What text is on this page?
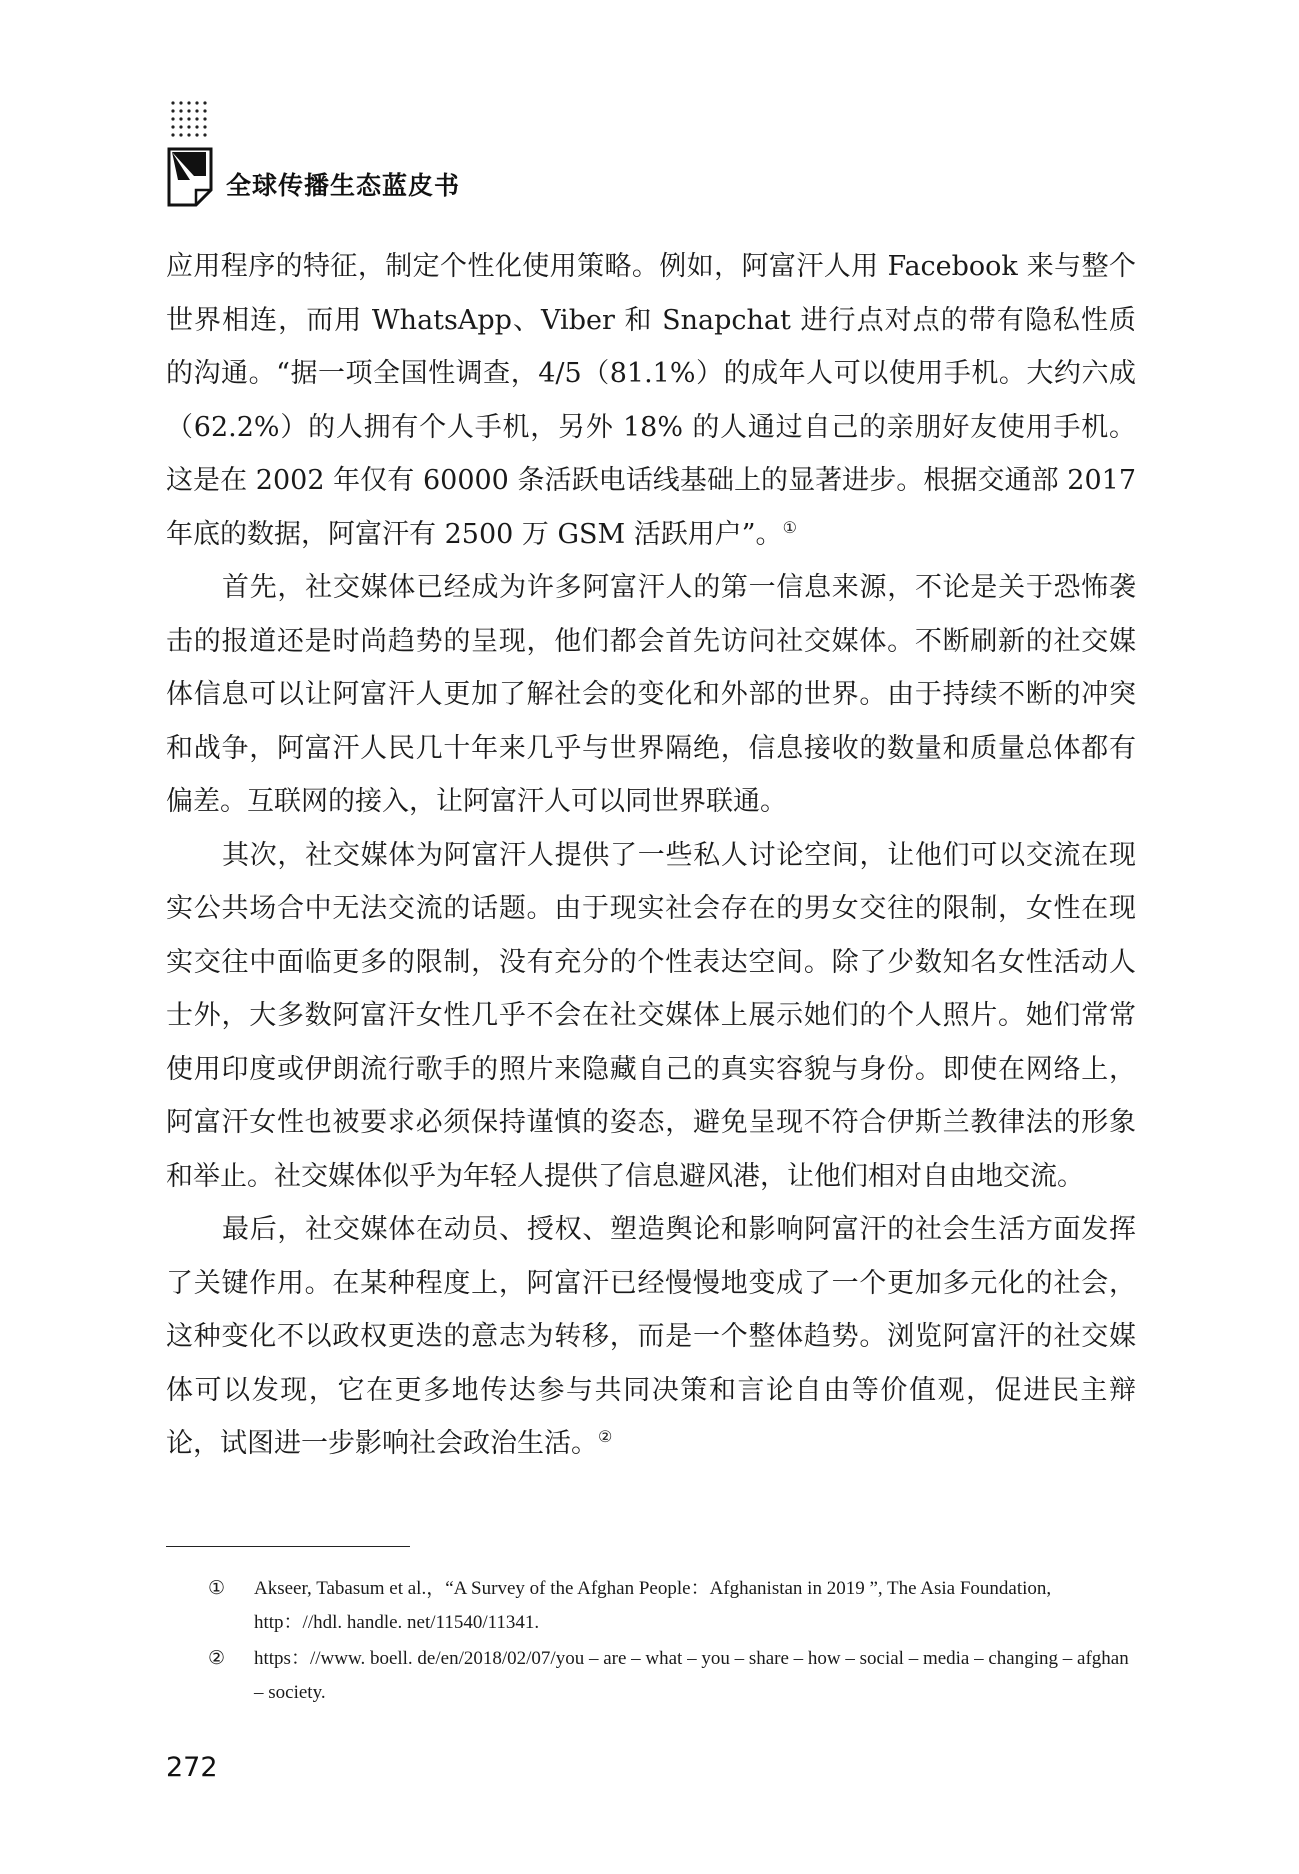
全球传播生态蓝皮书

应用程序的特征，制定个性化使用策略。例如，阿富汗人用 Facebook 来与整个世界相连，而用 WhatsApp、Viber 和 Snapchat 进行点对点的带有隐私性质的沟通。“据一项全国性调查，4/5（81.1%）的成年人可以使用手机。大约六成（62.2%）的人拥有个人手机，另外 18% 的人通过自己的亲朋好友使用手机。这是在 2002 年仅有 60000 条活跃电话线基础上的显著进步。根据交通部 2017 年底的数据，阿富汗有 2500 万 GSM 活跃用户”。①

首先，社交媒体已经成为许多阿富汗人的第一信息来源，不论是关于恐怖袭击的报道还是时尚趋势的呈现，他们都会首先访问社交媒体。不断刷新的社交媒体信息可以让阿富汗人更加了解社会的变化和外部的世界。由于持续不断的冲突和战争，阿富汗人民几十年来几乎与世界隔绝，信息接收的数量和质量总体都有偏差。互联网的接入，让阿富汗人可以同世界联通。

其次，社交媒体为阿富汗人提供了一些私人讨论空间，让他们可以交流在现实公共场合中无法交流的话题。由于现实社会存在的男女交往的限制，女性在现实交往中面临更多的限制，没有充分的个性表达空间。除了少数知名女性活动人士外，大多数阿富汗女性几乎不会在社交媒体上展示她们的个人照片。她们常常使用印度或伊朗流行歌手的照片来隐藏自己的真实容貌与身份。即使在网络上，阿富汗女性也被要求必须保持谨慎的姿态，避免呈现不符合伊斯兰教律法的形象和举止。社交媒体似乎为年轻人提供了信息避风港，让他们相对自由地交流。

最后，社交媒体在动员、授权、塑造舆论和影响阿富汗的社会生活方面发挥了关键作用。在某种程度上，阿富汗已经慢慢地变成了一个更加多元化的社会，这种变化不以政权更迭的意志为转移，而是一个整体趋势。浏览阿富汗的社交媒体可以发现，它在更多地传达参与共同决策和言论自由等价值观，促进民主辩论，试图进一步影响社会政治生活。②

① Akseer, Tabasum et al.，“A Survey of the Afghan People：Afghanistan in 2019 ”, The Asia Foundation, http：//hdl. handle. net/11540/11341.
② https：//www. boell. de/en/2018/02/07/you – are – what – you – share – how – social – media – changing – afghan – society.
272
